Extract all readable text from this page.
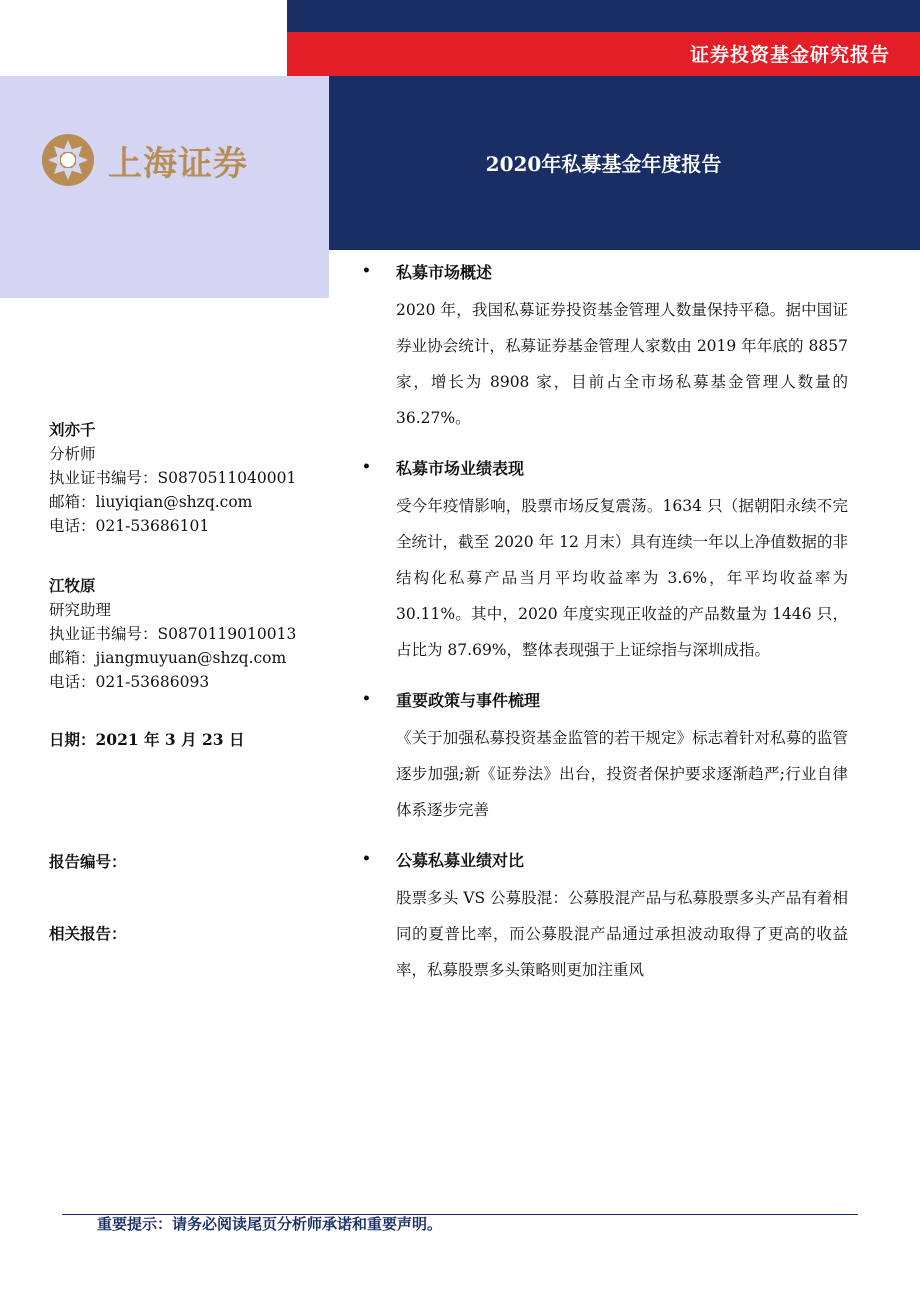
证券投资基金研究报告
2020年私募基金年度报告
上海证券
刘亦千
分析师
执业证书编号：S0870511040001
邮箱：liuyiqian@shzq.com
电话：021-53686101
江牧原
研究助理
执业证书编号：S0870119010013
邮箱：jiangmuyuan@shzq.com
电话：021-53686093
日期：2021 年 3 月 23 日
报告编号：
相关报告：
•	私募市场概述
2020 年，我国私募证券投资基金管理人数量保持平稳。据中国证券业协会统计，私募证券基金管理人家数由 2019 年年底的 8857 家，增长为 8908 家，目前占全市场私募基金管理人数量的 36.27%。
•	私募市场业绩表现
受今年疫情影响，股票市场反复震荡。1634 只（据朝阳永续不完全统计，截至 2020 年 12 月末）具有连续一年以上净值数据的非结构化私募产品当月平均收益率为 3.6%，年平均收益率为 30.11%。其中，2020 年度实现正收益的产品数量为 1446 只，占比为 87.69%，整体表现强于上证综指与深圳成指。
•	重要政策与事件梳理
《关于加强私募投资基金监管的若干规定》标志着针对私募的监管逐步加强;新《证券法》出台，投资者保护要求逐渐趋严;行业自律体系逐步完善
•	公募私募业绩对比
股票多头 VS 公募股混：公募股混产品与私募股票多头产品有着相同的夏普比率，而公募股混产品通过承担波动取得了更高的收益率，私募股票多头策略则更加注重风
重要提示：请务必阅读尾页分析师承诺和重要声明。
